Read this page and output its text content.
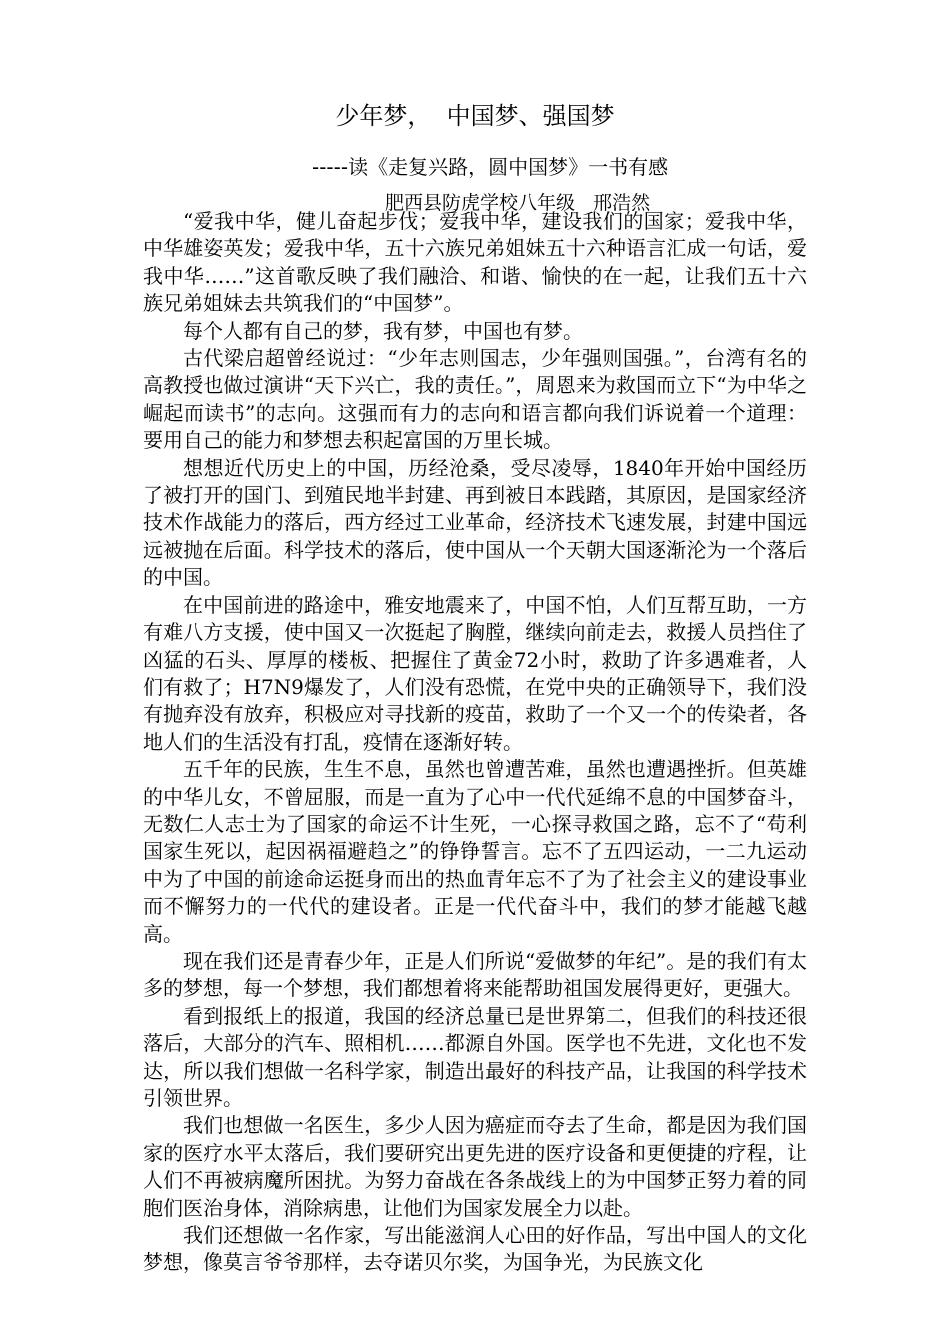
少年梦，  中国梦、强国梦
-----读《走复兴路，圆中国梦》一书有感
肥西县防虎学校八年级   邢浩然

“爱我中华，健儿奋起步伐；爱我中华，建设我们的国家；爱我中华，中华雄姿英发；爱我中华，五十六族兄弟姐妹五十六种语言汇成一句话，爱我中华……”这首歌反映了我们融洽、和谐、愉快的在一起，让我们五十六族兄弟姐妹去共筑我们的“中国梦”。

每个人都有自己的梦，我有梦，中国也有梦。

古代梁启超曾经说过：“少年志则国志，少年强则国强。”，台湾有名的高教授也做过演讲“天下兴亡，我的责任。”，周恩来为救国而立下“为中华之崛起而读书”的志向。这强而有力的志向和语言都向我们诉说着一个道理：要用自己的能力和梦想去积起富国的万里长城。

想想近代历史上的中国，历经沧桑，受尽凌辱，1840年开始中国经历了被打开的国门、到殖民地半封建、再到被日本践踏，其原因，是国家经济技术作战能力的落后，西方经过工业革命，经济技术飞速发展，封建中国远远被抛在后面。科学技术的落后，使中国从一个天朝大国逐渐沦为一个落后的中国。

在中国前进的路途中，雅安地震来了，中国不怕，人们互帮互助，一方有难八方支援，使中国又一次挺起了胸膛，继续向前走去，救援人员挡住了凶猛的石头、厚厚的楼板、把握住了黄金72小时，救助了许多遇难者，人们有救了；H7N9爆发了，人们没有恐慌，在党中央的正确领导下，我们没有抛弃没有放弃，积极应对寻找新的疫苗，救助了一个又一个的传染者，各地人们的生活没有打乱，疫情在逐渐好转。

五千年的民族，生生不息，虽然也曾遭苦难，虽然也遭遇挫折。但英雄的中华儿女，不曾屈服，而是一直为了心中一代代延绵不息的中国梦奋斗，无数仁人志士为了国家的命运不计生死，一心探寻救国之路，忘不了“苟利国家生死以，起因祸福避趋之”的铮铮誓言。忘不了五四运动，一二九运动中为了中国的前途命运挺身而出的热血青年忘不了为了社会主义的建设事业而不懈努力的一代代的建设者。正是一代代奋斗中，我们的梦才能越飞越高。

现在我们还是青春少年，正是人们所说“爱做梦的年纪”。是的我们有太多的梦想，每一个梦想，我们都想着将来能帮助祖国发展得更好，更强大。

看到报纸上的报道，我国的经济总量已是世界第二，但我们的科技还很落后，大部分的汽车、照相机……都源自外国。医学也不先进，文化也不发达，所以我们想做一名科学家，制造出最好的科技产品，让我国的科学技术引领世界。

我们也想做一名医生，多少人因为癌症而夺去了生命，都是因为我们国家的医疗水平太落后，我们要研究出更先进的医疗设备和更便捷的疗程，让人们不再被病魔所困扰。为努力奋战在各条战线上的为中国梦正努力着的同胞们医治身体，消除病患，让他们为国家发展全力以赴。

我们还想做一名作家，写出能滋润人心田的好作品，写出中国人的文化梦想，像莫言爷爷那样，去夺诺贝尔奖，为国争光，为民族文化
